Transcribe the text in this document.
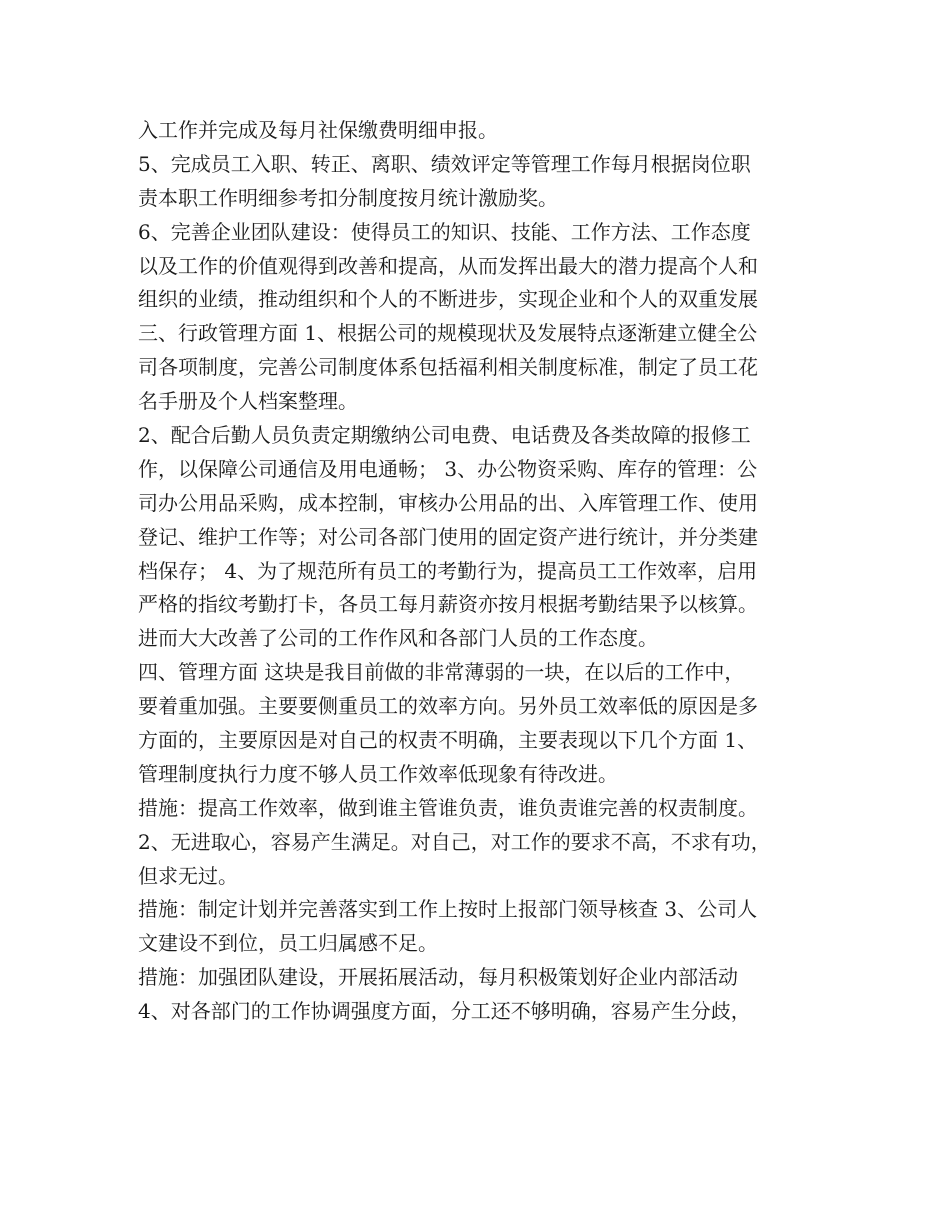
入工作并完成及每月社保缴费明细申报。
5、完成员工入职、转正、离职、绩效评定等管理工作每月根据岗位职
责本职工作明细参考扣分制度按月统计激励奖。
6、完善企业团队建设：使得员工的知识、技能、工作方法、工作态度
以及工作的价值观得到改善和提高，从而发挥出最大的潜力提高个人和
组织的业绩，推动组织和个人的不断进步，实现企业和个人的双重发展
三、行政管理方面 1、根据公司的规模现状及发展特点逐渐建立健全公
司各项制度，完善公司制度体系包括福利相关制度标准，制定了员工花
名手册及个人档案整理。
2、配合后勤人员负责定期缴纳公司电费、电话费及各类故障的报修工
作，以保障公司通信及用电通畅； 3、办公物资采购、库存的管理：公
司办公用品采购，成本控制，审核办公用品的出、入库管理工作、使用
登记、维护工作等；对公司各部门使用的固定资产进行统计，并分类建
档保存； 4、为了规范所有员工的考勤行为，提高员工工作效率，启用
严格的指纹考勤打卡，各员工每月薪资亦按月根据考勤结果予以核算。
进而大大改善了公司的工作作风和各部门人员的工作态度。
四、管理方面 这块是我目前做的非常薄弱的一块，在以后的工作中，
要着重加强。主要要侧重员工的效率方向。另外员工效率低的原因是多
方面的，主要原因是对自己的权责不明确，主要表现以下几个方面 1、
管理制度执行力度不够人员工作效率低现象有待改进。
措施：提高工作效率，做到谁主管谁负责，谁负责谁完善的权责制度。
2、无进取心，容易产生满足。对自己，对工作的要求不高，不求有功，
但求无过。
措施：制定计划并完善落实到工作上按时上报部门领导核查 3、公司人
文建设不到位，员工归属感不足。
措施：加强团队建设，开展拓展活动，每月积极策划好企业内部活动
4、对各部门的工作协调强度方面，分工还不够明确，容易产生分歧，
